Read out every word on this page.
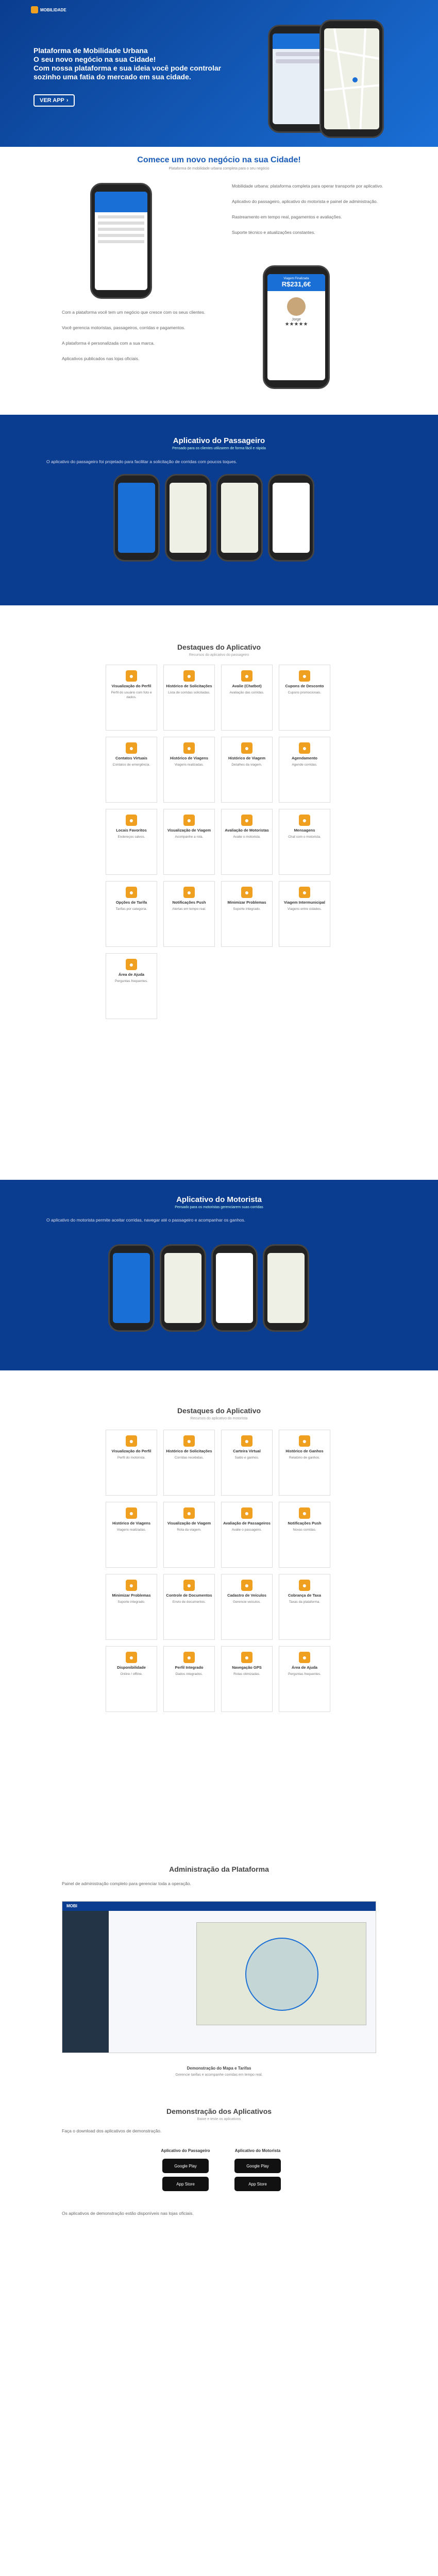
MOBILIDADE
Plataforma de Mobilidade Urbana
O seu novo negócio na sua Cidade!
Com nossa plataforma e sua ideia você pode controlar sozinho uma fatia do mercado em sua cidade.
VER APP ›
Comece um novo negócio na sua Cidade!
Plataforma de mobilidade urbana completa para o seu negócio
Com a plataforma você tem um negócio que cresce com os seus clientes.
Você gerencia motoristas, passageiros, corridas e pagamentos.
A plataforma é personalizada com a sua marca.
Aplicativos publicados nas lojas oficiais.
Mobilidade urbana: plataforma completa para operar transporte por aplicativo.
Aplicativo do passageiro, aplicativo do motorista e painel de administração.
Rastreamento em tempo real, pagamentos e avaliações.
Suporte técnico e atualizações constantes.
Viagem Finalizada
R$231,6€
Jorge
★★★★★
Aplicativo do Passageiro
Pensado para os clientes utilizarem de forma fácil e rápida
O aplicativo do passageiro foi projetado para facilitar a solicitação de corridas com poucos toques.
Destaques do Aplicativo
Recursos do aplicativo do passageiro
●
Visualização do Perfil
Perfil do usuário com foto e dados.
●
Histórico de Solicitações
Lista de corridas solicitadas.
●
Avalie (Chatbot)
Avaliação das corridas.
●
Cupons de Desconto
Cupons promocionais.
●
Contatos Virtuais
Contatos de emergência.
●
Histórico de Viagens
Viagens realizadas.
●
Histórico de Viagem
Detalhes da viagem.
●
Agendamento
Agende corridas.
●
Locais Favoritos
Endereços salvos.
●
Visualização de Viagem
Acompanhe a rota.
●
Avaliação de Motoristas
Avalie o motorista.
●
Mensagens
Chat com o motorista.
●
Opções de Tarifa
Tarifas por categoria.
●
Notificações Push
Alertas em tempo real.
●
Minimizar Problemas
Suporte integrado.
●
Viagem Intermunicipal
Viagens entre cidades.
●
Área de Ajuda
Perguntas frequentes.
Aplicativo do Motorista
Pensado para os motoristas gerenciarem suas corridas
O aplicativo do motorista permite aceitar corridas, navegar até o passageiro e acompanhar os ganhos.
Destaques do Aplicativo
Recursos do aplicativo do motorista
●
Visualização do Perfil
Perfil do motorista.
●
Histórico de Solicitações
Corridas recebidas.
●
Carteira Virtual
Saldo e ganhos.
●
Histórico de Ganhos
Relatório de ganhos.
●
Histórico de Viagens
Viagens realizadas.
●
Visualização de Viagem
Rota da viagem.
●
Avaliação de Passageiros
Avalie o passageiro.
●
Notificações Push
Novas corridas.
●
Minimizar Problemas
Suporte integrado.
●
Controle de Documentos
Envio de documentos.
●
Cadastro de Veículos
Gerencie veículos.
●
Cobrança de Taxa
Taxas da plataforma.
●
Disponibilidade
Online / offline.
●
Perfil Integrado
Dados integrados.
●
Navegação GPS
Rotas otimizadas.
●
Área de Ajuda
Perguntas frequentes.
Administração da Plataforma
Painel de administração completo para gerenciar toda a operação.
MOBI
Demonstração do Mapa e Tarifas
Gerencie tarifas e acompanhe corridas em tempo real.
Demonstração dos Aplicativos
Baixe e teste os aplicativos
Faça o download dos aplicativos de demonstração.
Aplicativo do Passageiro	Aplicativo do Motorista
Google Play
App Store
Google Play
App Store
Os aplicativos de demonstração estão disponíveis nas lojas oficiais.
